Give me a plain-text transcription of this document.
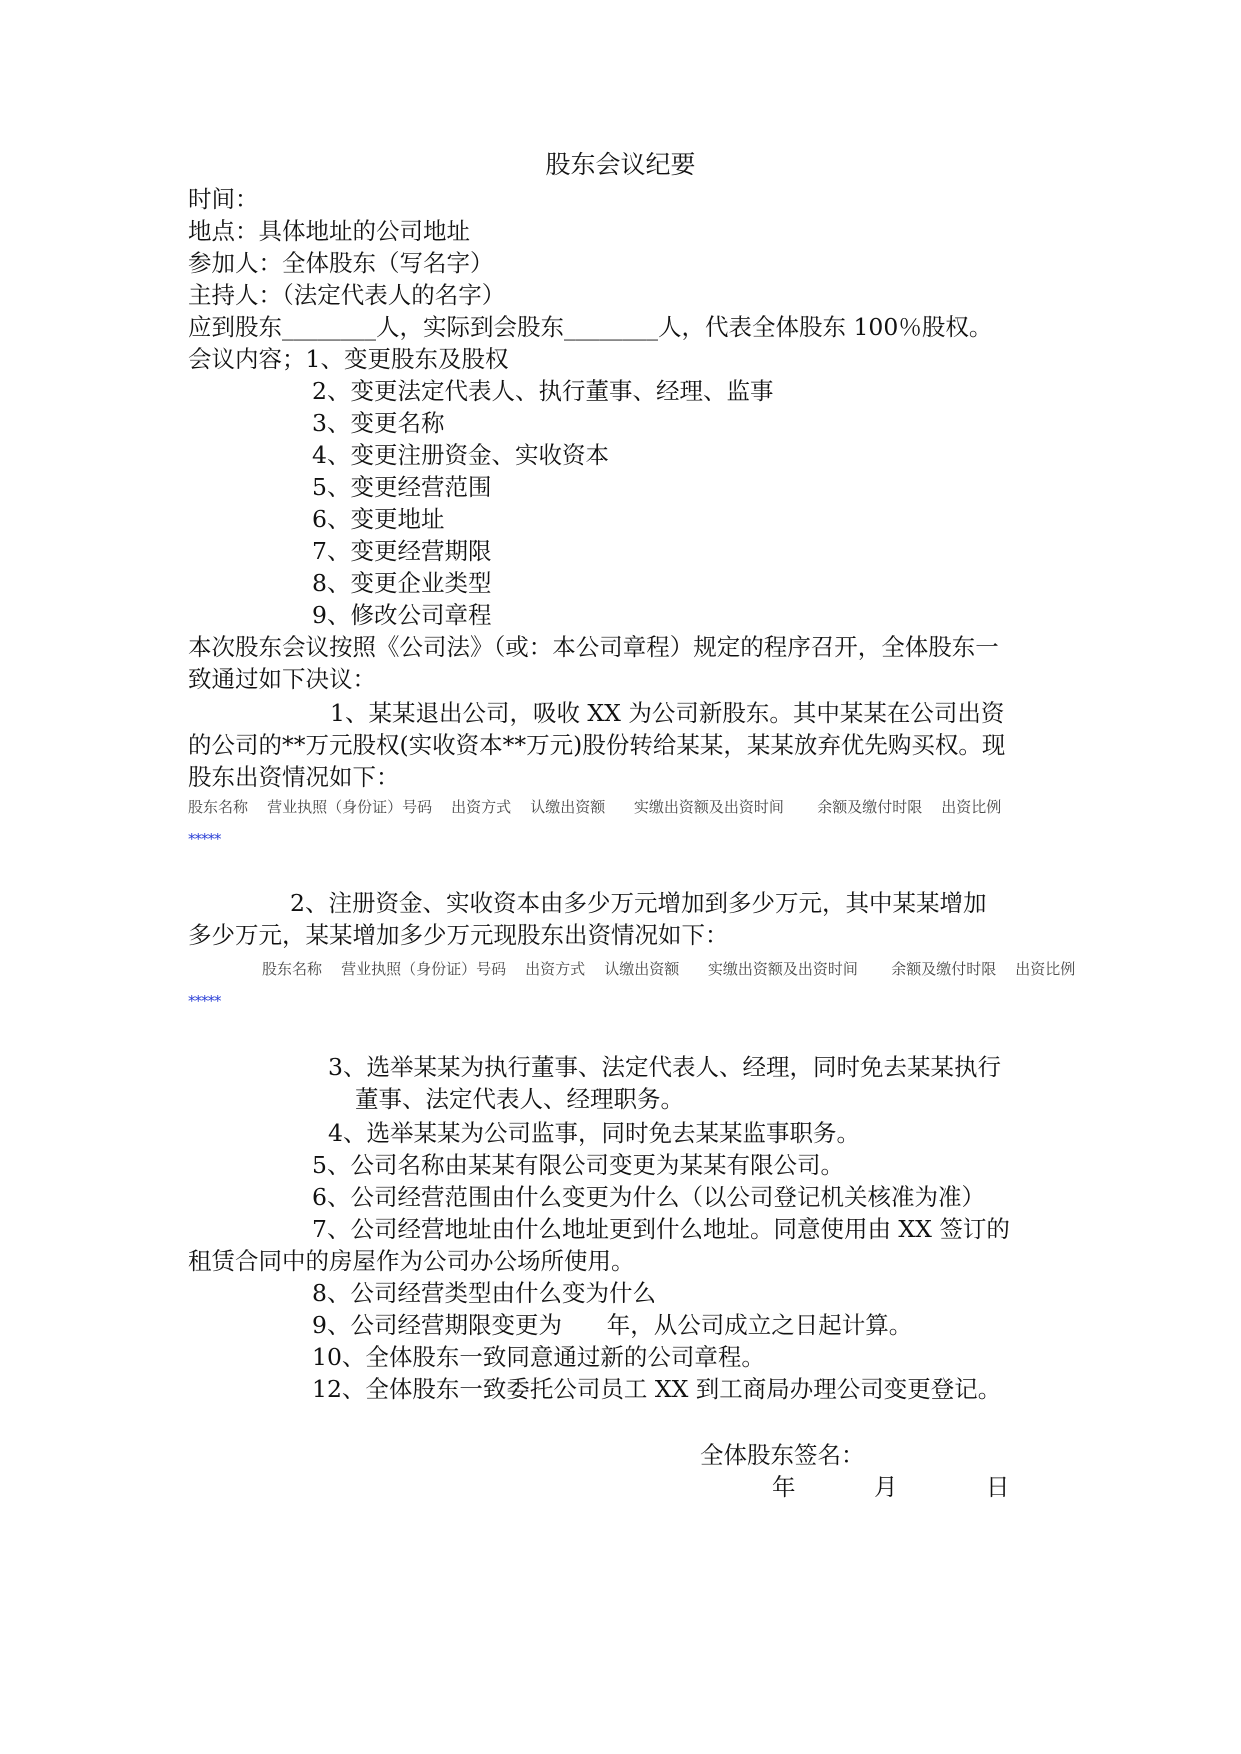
股东会议纪要
时间：
地点：具体地址的公司地址
参加人：全体股东（写名字）
主持人：（法定代表人的名字）
应到股东________人，实际到会股东________人，代表全体股东 100％股权。
会议内容；1、变更股东及股权
2、变更法定代表人、执行董事、经理、监事
3、变更名称
4、变更注册资金、实收资本
5、变更经营范围
6、变更地址
7、变更经营期限
8、变更企业类型
9、修改公司章程
本次股东会议按照《公司法》（或：本公司章程）规定的程序召开，全体股东一
致通过如下决议：
1、某某退出公司，吸收 XX 为公司新股东。其中某某在公司出资
的公司的**万元股权(实收资本**万元)股份转给某某，某某放弃优先购买权。现
股东出资情况如下：
股东名称    营业执照（身份证）号码    出资方式    认缴出资额      实缴出资额及出资时间       余额及缴付时限    出资比例
*****
2、注册资金、实收资本由多少万元增加到多少万元，其中某某增加
多少万元，某某增加多少万元现股东出资情况如下：
股东名称    营业执照（身份证）号码    出资方式    认缴出资额      实缴出资额及出资时间       余额及缴付时限    出资比例
*****
3、选举某某为执行董事、法定代表人、经理，同时免去某某执行
董事、法定代表人、经理职务。
4、选举某某为公司监事，同时免去某某监事职务。
5、公司名称由某某有限公司变更为某某有限公司。
6、公司经营范围由什么变更为什么（以公司登记机关核准为准）
7、公司经营地址由什么地址更到什么地址。同意使用由 XX 签订的
租赁合同中的房屋作为公司办公场所使用。
8、公司经营类型由什么变为什么
9、公司经营期限变更为      年，从公司成立之日起计算。
10、全体股东一致同意通过新的公司章程。
12、全体股东一致委托公司员工 XX 到工商局办理公司变更登记。
全体股东签名：
年	月	日
